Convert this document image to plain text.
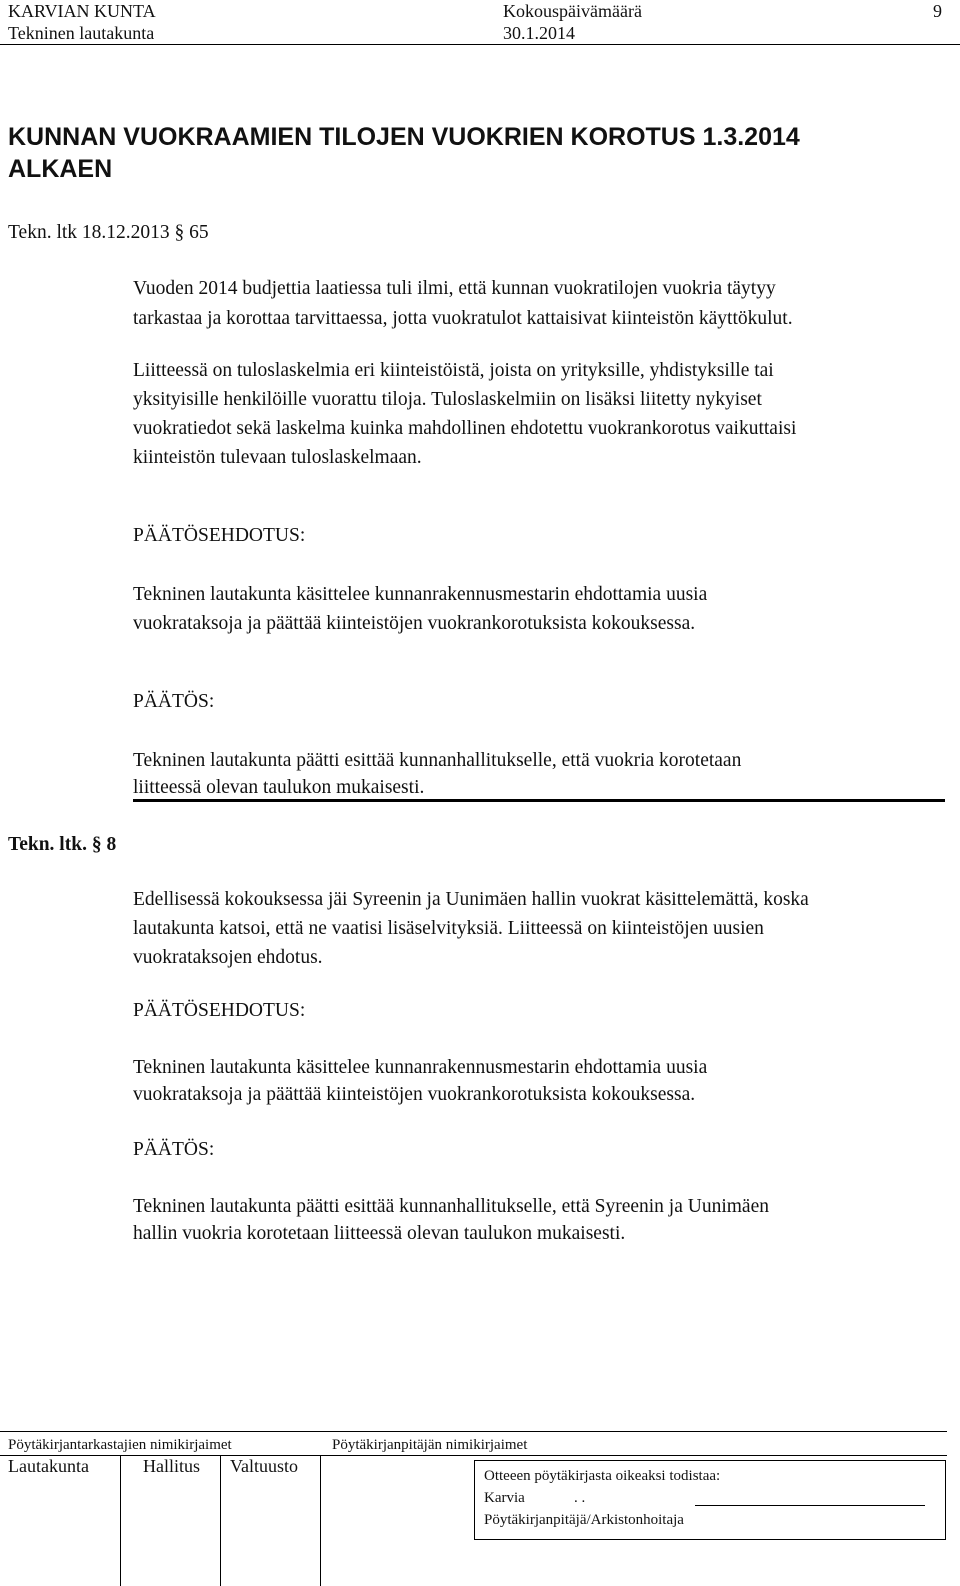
KARVIAN KUNTA
Tekninen lautakunta
Kokouspäivämäärä
30.1.2014
9
KUNNAN VUOKRAAMIEN TILOJEN VUOKRIEN KOROTUS 1.3.2014
ALKAEN
Tekn. ltk 18.12.2013 § 65
Vuoden 2014 budjettia laatiessa tuli ilmi, että kunnan vuokratilojen vuokria täytyy
tarkastaa ja korottaa tarvittaessa, jotta vuokratulot kattaisivat kiinteistön käyttökulut.
Liitteessä on tuloslaskelmia eri kiinteistöistä, joista on yrityksille, yhdistyksille tai
yksityisille henkilöille vuorattu tiloja. Tuloslaskelmiin on lisäksi liitetty nykyiset
vuokratiedot sekä laskelma kuinka mahdollinen ehdotettu vuokrankorotus vaikuttaisi
kiinteistön tulevaan tuloslaskelmaan.
PÄÄTÖSEHDOTUS:
Tekninen lautakunta käsittelee kunnanrakennusmestarin ehdottamia uusia
vuokrataksoja ja päättää kiinteistöjen vuokrankorotuksista kokouksessa.
PÄÄTÖS:
Tekninen lautakunta päätti esittää kunnanhallitukselle, että vuokria korotetaan
liitteessä olevan taulukon mukaisesti.
Tekn. ltk. § 8
Edellisessä kokouksessa jäi Syreenin ja Uunimäen hallin vuokrat käsittelemättä, koska
lautakunta katsoi, että ne vaatisi lisäselvityksiä. Liitteessä on kiinteistöjen uusien
vuokrataksojen ehdotus.
PÄÄTÖSEHDOTUS:
Tekninen lautakunta käsittelee kunnanrakennusmestarin ehdottamia uusia
vuokrataksoja ja päättää kiinteistöjen vuokrankorotuksista kokouksessa.
PÄÄTÖS:
Tekninen lautakunta päätti esittää kunnanhallitukselle, että Syreenin ja Uunimäen
hallin vuokria korotetaan liitteessä olevan taulukon mukaisesti.
Pöytäkirjantarkastajien nimikirjaimet	Pöytäkirjanpitäjän nimikirjaimet
Lautakunta	Hallitus Valtuusto	Otteeen pöytäkirjasta oikeaksi todistaa:
Karvia	. .
Pöytäkirjanpitäjä/Arkistonhoitaja
